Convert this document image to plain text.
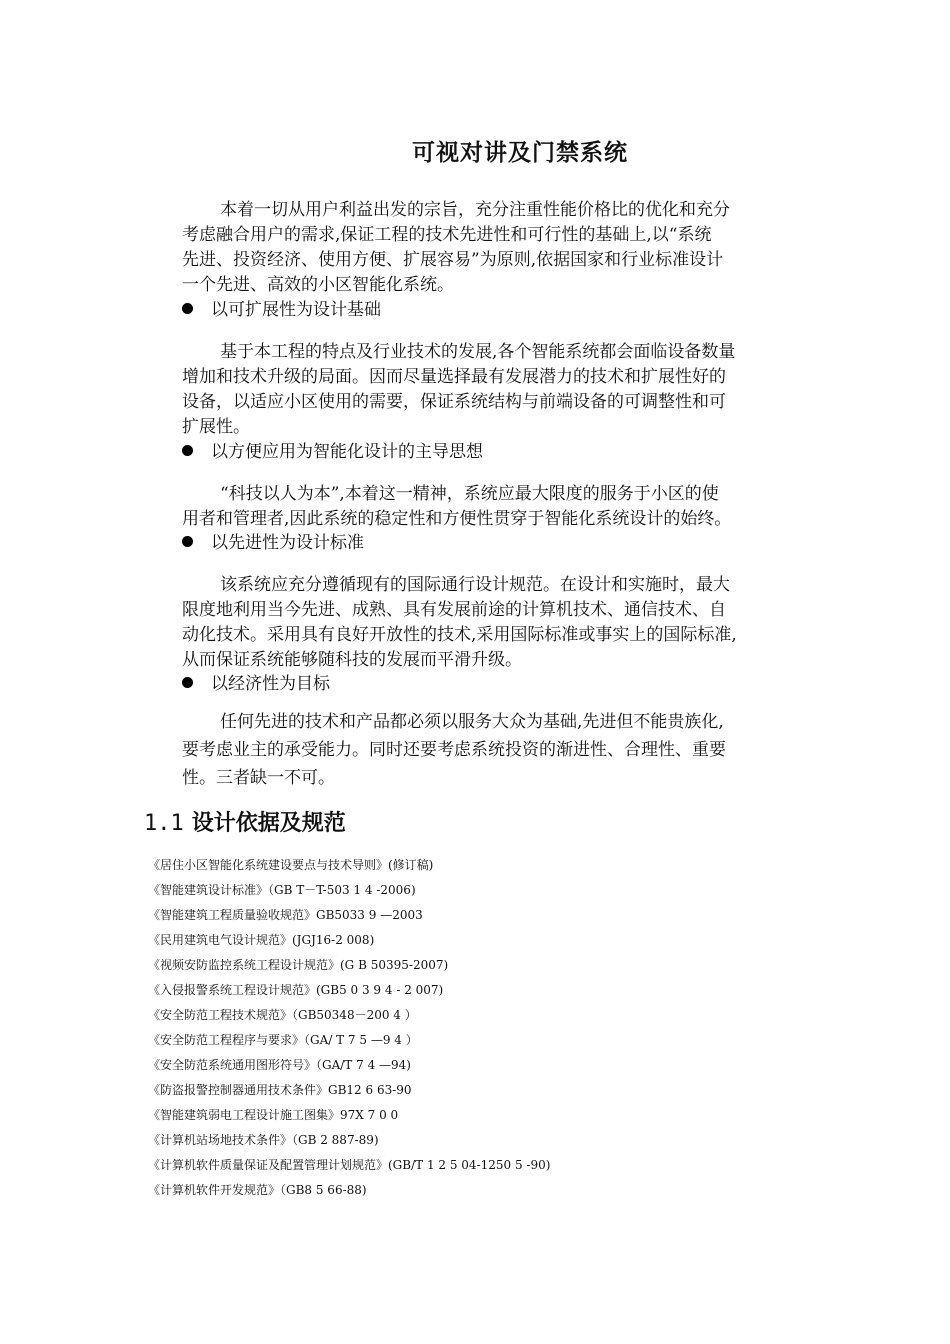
可视对讲及门禁系统
本着一切从用户利益出发的宗旨，充分注重性能价格比的优化和充分
考虑融合用户的需求,保证工程的技术先进性和可行性的基础上,以“系统
先进、投资经济、使用方便、扩展容易”为原则,依据国家和行业标准设计
一个先进、高效的小区智能化系统。
以可扩展性为设计基础
基于本工程的特点及行业技术的发展,各个智能系统都会面临设备数量
增加和技术升级的局面。因而尽量选择最有发展潜力的技术和扩展性好的
设备，以适应小区使用的需要，保证系统结构与前端设备的可调整性和可
扩展性。
以方便应用为智能化设计的主导思想
“科技以人为本”,本着这一精神，系统应最大限度的服务于小区的使
用者和管理者,因此系统的稳定性和方便性贯穿于智能化系统设计的始终。
以先进性为设计标准
该系统应充分遵循现有的国际通行设计规范。在设计和实施时，最大
限度地利用当今先进、成熟、具有发展前途的计算机技术、通信技术、自
动化技术。采用具有良好开放性的技术,采用国际标准或事实上的国际标准,
从而保证系统能够随科技的发展而平滑升级。
以经济性为目标
任何先进的技术和产品都必须以服务大众为基础,先进但不能贵族化,
要考虑业主的承受能力。同时还要考虑系统投资的渐进性、合理性、重要
性。三者缺一不可。
1.1 设计依据及规范
《居住小区智能化系统建设要点与技术导则》(修订稿)
《智能建筑设计标准》（GB T－T-503 1 4 -2006)
《智能建筑工程质量验收规范》GB5033 9 —2003
《民用建筑电气设计规范》(JGJ16-2 008)
《视频安防监控系统工程设计规范》(G B 50395-2007)
《入侵报警系统工程设计规范》(GB5 0 3 9 4 - 2 007)
《安全防范工程技术规范》（GB50348－200 4 ）
《安全防范工程程序与要求》（GA/ T 7 5 —9 4 ）
《安全防范系统通用图形符号》（GA/T 7 4 —94)
《防盗报警控制器通用技术条件》GB12 6 63-90
《智能建筑弱电工程设计施工图集》97X 7 0 0
《计算机站场地技术条件》（GB 2 887-89)
《计算机软件质量保证及配置管理计划规范》(GB/T 1 2 5 04-1250 5 -90)
《计算机软件开发规范》（GB8 5 66-88)
